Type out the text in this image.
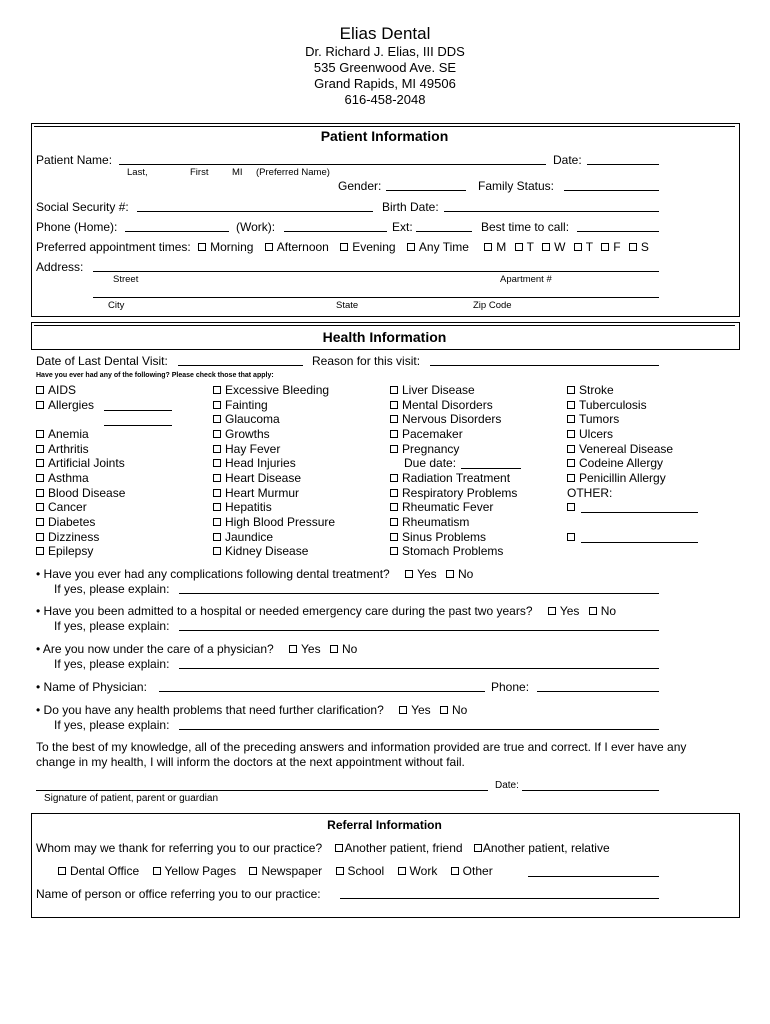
Elias Dental
Dr. Richard J. Elias, III DDS
535 Greenwood Ave. SE
Grand Rapids, MI 49506
616-458-2048
Patient Information
Patient Name:	Date:
Last,	First MI (Preferred Name)
Gender:	Family Status:
Social Security #:	Birth Date:
Phone (Home):	(Work):	Ext:	Best time to call:
Preferred appointment times: Morning Afternoon Evening Any Time M T W T F S
Address:
Street	Apartment #
City	State	Zip Code
Health Information
Date of Last Dental Visit:	Reason for this visit:
Have you ever had any of the following? Please check those that apply:
AIDS
Allergies
Anemia
Arthritis
Artificial Joints
Asthma
Blood Disease
Cancer
Diabetes
Dizziness
Epilepsy
Excessive Bleeding
Fainting
Glaucoma
Growths
Hay Fever
Head Injuries
Heart Disease
Heart Murmur
Hepatitis
High Blood Pressure
Jaundice
Kidney Disease
Liver Disease
Mental Disorders
Nervous Disorders
Pacemaker
Pregnancy
Due date:
Radiation Treatment
Respiratory Problems
Rheumatic Fever
Rheumatism
Sinus Problems
Stomach Problems
Stroke
Tuberculosis
Tumors
Ulcers
Venereal Disease
Codeine Allergy
Penicillin Allergy
OTHER:
• Have you ever had any complications following dental treatment? Yes No
If yes, please explain:
• Have you been admitted to a hospital or needed emergency care during the past two years? Yes No
If yes, please explain:
• Are you now under the care of a physician? Yes No
If yes, please explain:
• Name of Physician:	Phone:
• Do you have any health problems that need further clarification? Yes No
If yes, please explain:
To the best of my knowledge, all of the preceding answers and information provided are true and correct. If I ever have any
change in my health, I will inform the doctors at the next appointment without fail.
Date:
Signature of patient, parent or guardian
Referral Information
Whom may we thank for referring you to our practice? Another patient, friend Another patient, relative
Dental Office Yellow Pages Newspaper School Work Other
Name of person or office referring you to our practice:
